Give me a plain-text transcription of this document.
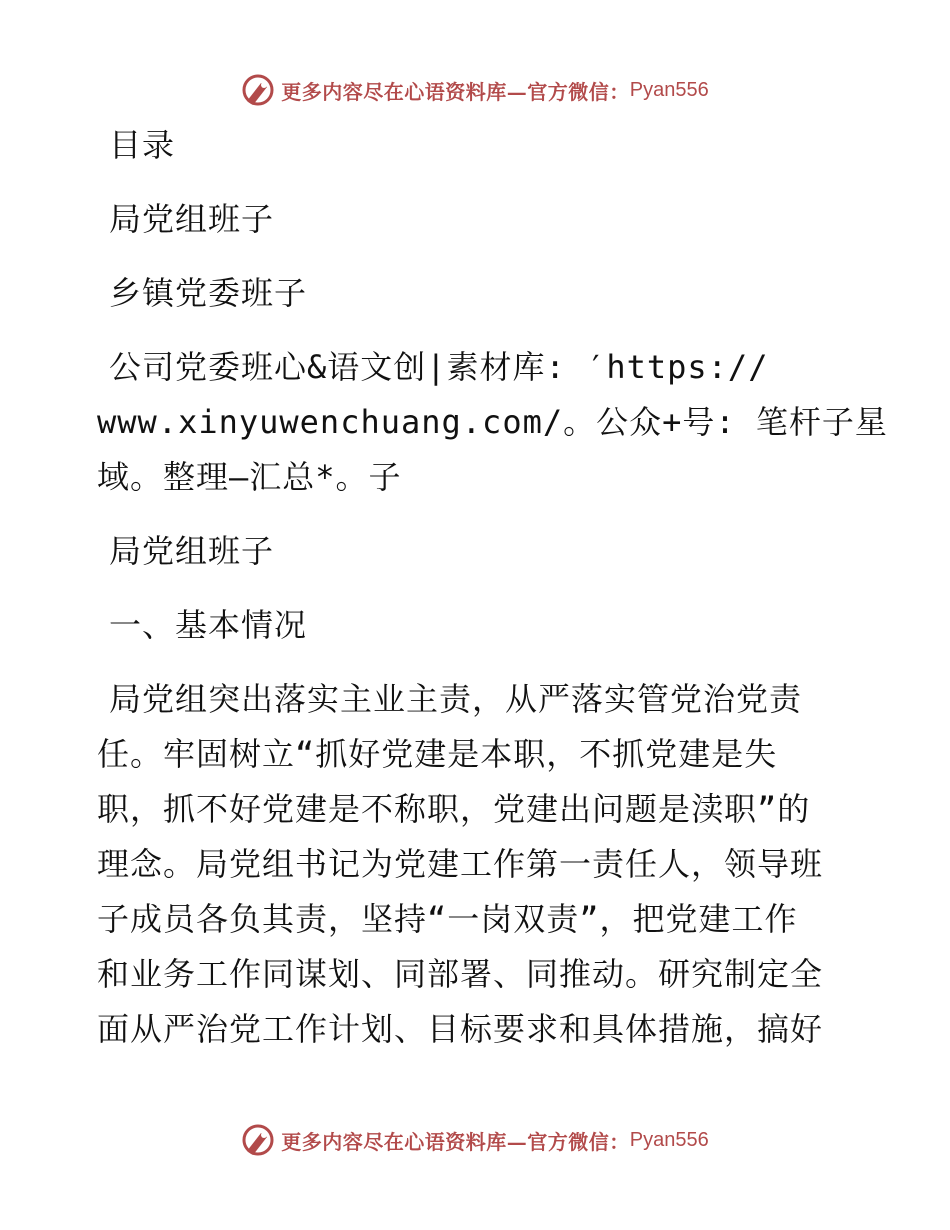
更多内容尽在心语资料库—官方微信： Pyan556
目录
局党组班子
乡镇党委班子
公司党委班心&语文创|素材库: ′https://
www.xinyuwenchuang.com/。公众+号: 笔杆子星
域。整理—汇总*。子
局党组班子
一、基本情况
局党组突出落实主业主责，从严落实管党治党责
任。牢固树立“抓好党建是本职，不抓党建是失
职，抓不好党建是不称职，党建出问题是渎职”的
理念。局党组书记为党建工作第一责任人，领导班
子成员各负其责，坚持“一岗双责”，把党建工作
和业务工作同谋划、同部署、同推动。研究制定全
面从严治党工作计划、目标要求和具体措施，搞好
更多内容尽在心语资料库—官方微信： Pyan556
